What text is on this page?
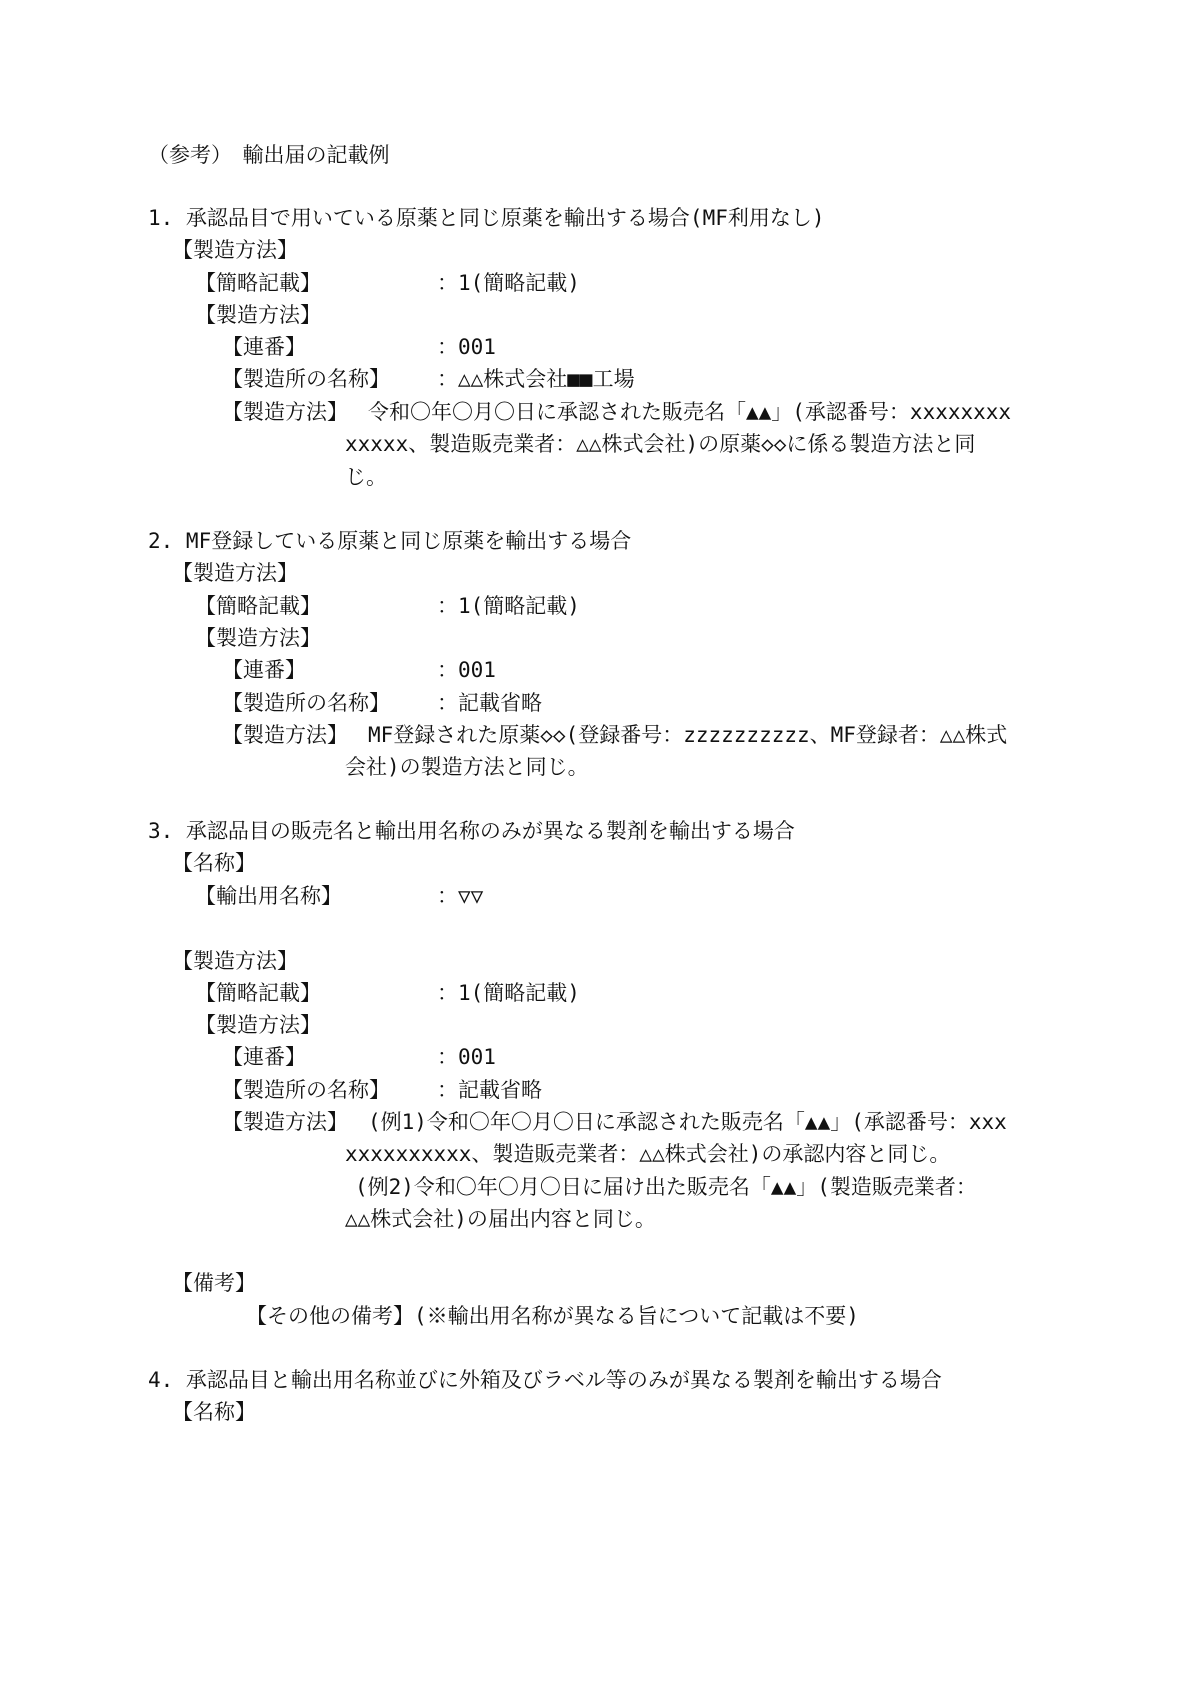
（参考）　輸出届の記載例
1. 承認品目で用いている原薬と同じ原薬を輸出する場合(MF利用なし)
【製造方法】
【簡略記載】	：1(簡略記載)
【製造方法】
【連番】	：001
【製造所の名称】 ：△△株式会社■■工場
【製造方法】 令和〇年〇月〇日に承認された販売名「▲▲」(承認番号：xxxxxxxx
xxxxx、製造販売業者：△△株式会社)の原薬◇◇に係る製造方法と同
じ。
2. MF登録している原薬と同じ原薬を輸出する場合
【製造方法】
【簡略記載】	：1(簡略記載)
【製造方法】
【連番】	：001
【製造所の名称】 ：記載省略
【製造方法】 MF登録された原薬◇◇(登録番号：zzzzzzzzzz、MF登録者：△△株式
会社)の製造方法と同じ。
3. 承認品目の販売名と輸出用名称のみが異なる製剤を輸出する場合
【名称】
【輸出用名称】	：▽▽
【製造方法】
【簡略記載】	：1(簡略記載)
【製造方法】
【連番】	：001
【製造所の名称】 ：記載省略
【製造方法】 (例1)令和〇年〇月〇日に承認された販売名「▲▲」(承認番号：xxx
xxxxxxxxxx、製造販売業者：△△株式会社)の承認内容と同じ。
(例2)令和〇年〇月〇日に届け出た販売名「▲▲」(製造販売業者：
△△株式会社)の届出内容と同じ。
【備考】
【その他の備考】(※輸出用名称が異なる旨について記載は不要)
4. 承認品目と輸出用名称並びに外箱及びラベル等のみが異なる製剤を輸出する場合
【名称】
